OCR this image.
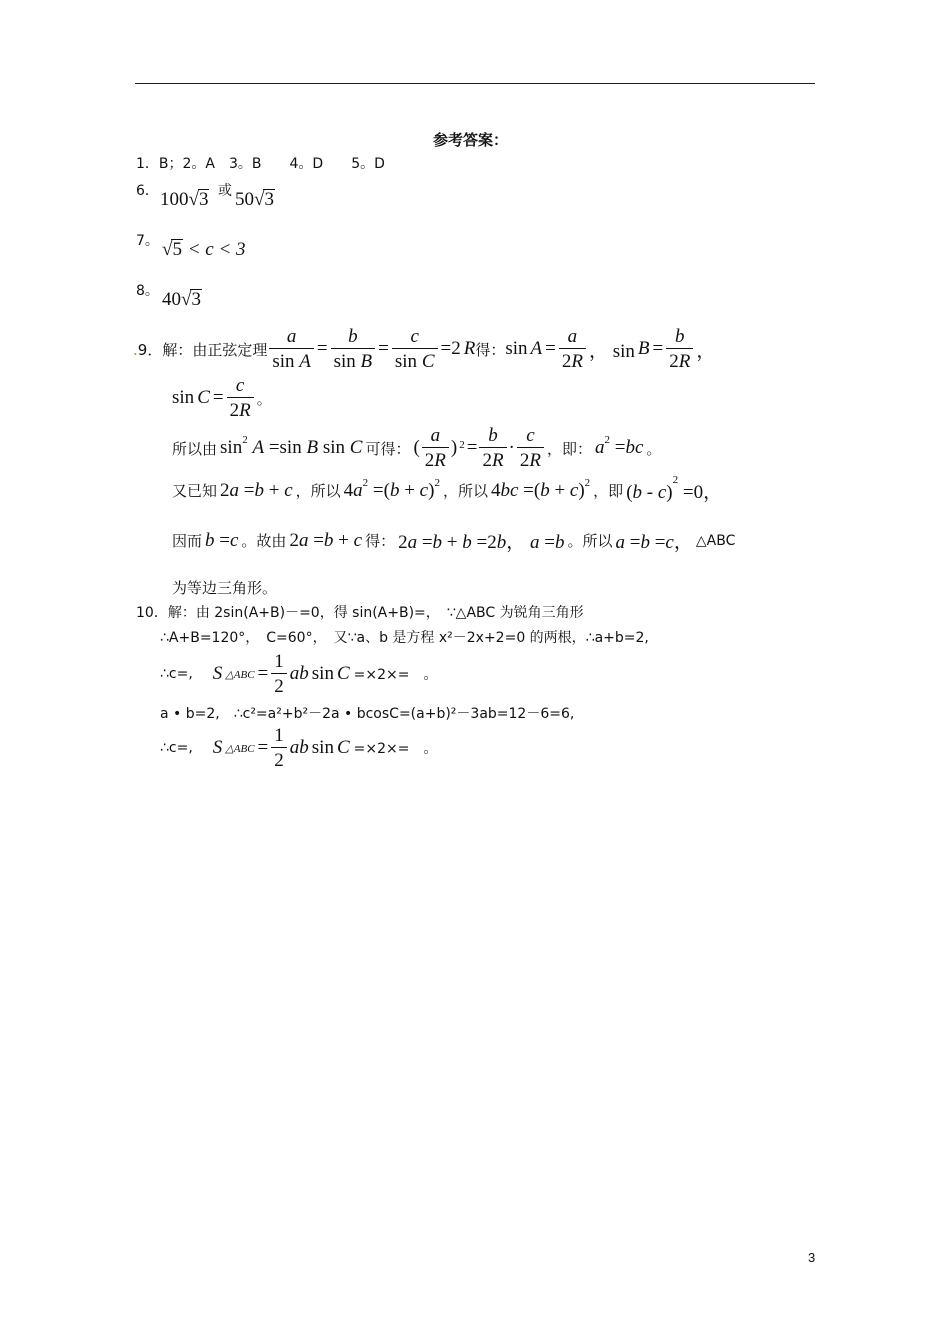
参考答案：
1．B；2。A　3。B　　4。D　　5。D
6． 100√3 或 50√3
7。 √5 < c < 3
8。 40√3
.9．解：由正弦定理 $\frac{a}{\text{sin A}} = \frac{b}{\text{sin B}} = \frac{c}{\text{sin C}} =2$ R 得： $\sin A = \frac{a}{2R}$ ， $\sin B = \frac{b}{2R}$ ，
$\sin C = \frac{c}{2R}$ 。
所以由 $\sin^2 A =\sin$ B sin C 可得： ( $\frac{a}{2R} )^2 = \frac{b}{2R} \cdot \frac{c}{2R}$ ，即： $a^2 =bc$ 。
又已知 2a =b + c ，所以 $4a^2 =(b + c)^2$ ，所以 $4bc =(b + c)^2$ ，即 (b - c)$^2$ =0，
因而 b =c 。故由 2a =b + c 得： 2a =b + b =2b， a =b 。所以 a =b =c， △ABC
为等边三角形。
10．解：由 2sin(A+B)－=0，得 sin(A+B)=，　∵△ABC 为锐角三角形
∴A+B=120°，　C=60°，　又∵a、b 是方程 x²－2x+2=0 的两根，∴a+b=2,
∴c=, S △ABC = $\frac{1}{2}$ ab sin C =×2×=　。
a • b=2,　∴c²=a²+b²－2a • bcosC=(a+b)²－3ab=12－6=6,
∴c=, S △ABC = $\frac{1}{2}$ ab sin C =×2×=　。
3
